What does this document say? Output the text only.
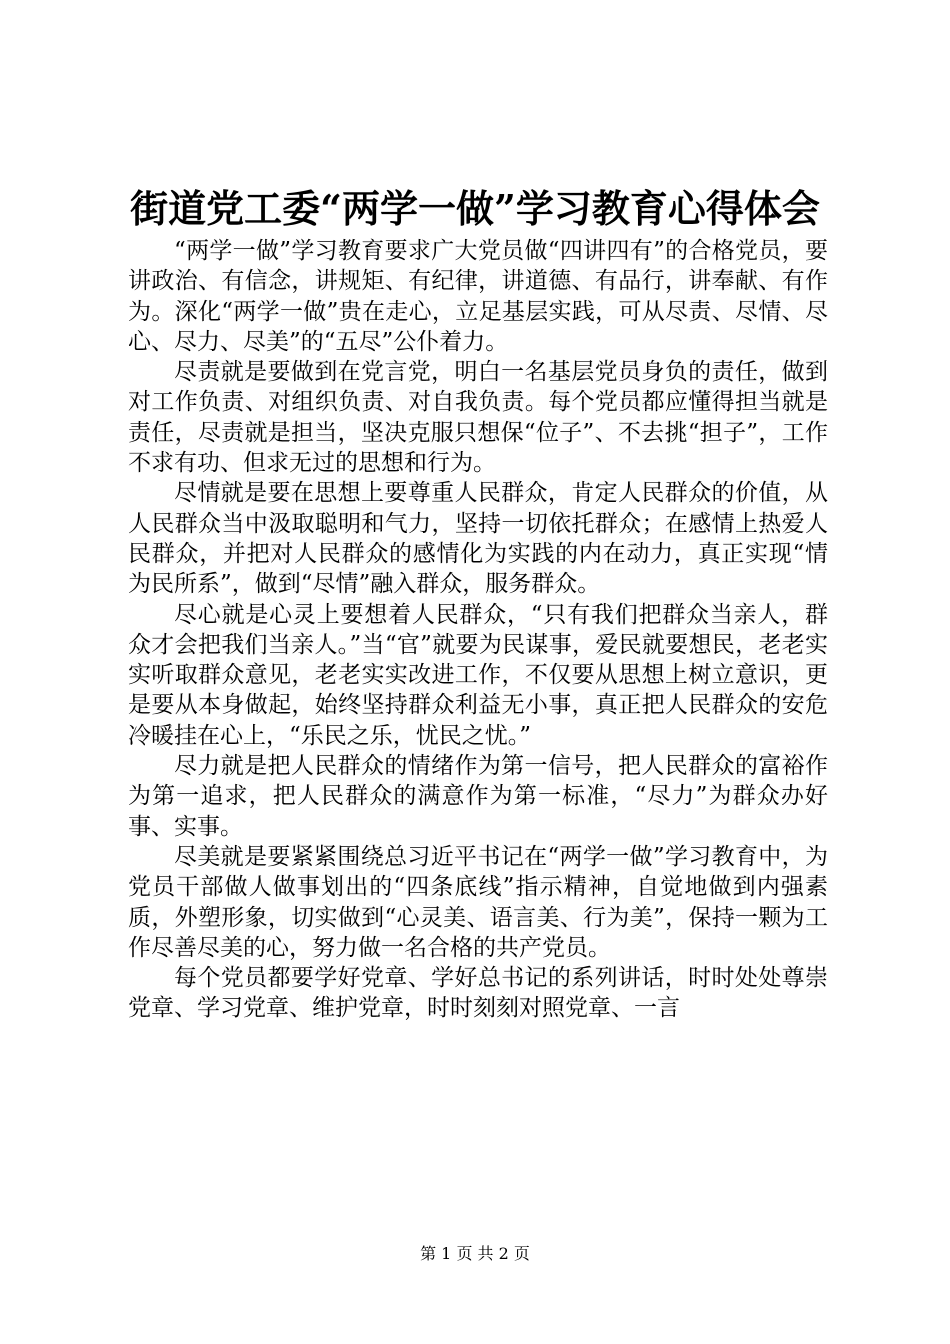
街道党工委“两学一做”学习教育心得体会

“两学一做”学习教育要求广大党员做“四讲四有”的合格党员，要讲政治、有信念，讲规矩、有纪律，讲道德、有品行，讲奉献、有作为。深化“两学一做”贵在走心，立足基层实践，可从尽责、尽情、尽心、尽力、尽美”的“五尽”公仆着力。

尽责就是要做到在党言党，明白一名基层党员身负的责任，做到对工作负责、对组织负责、对自我负责。每个党员都应懂得担当就是责任，尽责就是担当，坚决克服只想保“位子”、不去挑“担子”，工作不求有功、但求无过的思想和行为。

尽情就是要在思想上要尊重人民群众，肯定人民群众的价值，从人民群众当中汲取聪明和气力，坚持一切依托群众；在感情上热爱人民群众，并把对人民群众的感情化为实践的内在动力，真正实现“情为民所系”，做到“尽情”融入群众，服务群众。

尽心就是心灵上要想着人民群众，“只有我们把群众当亲人，群众才会把我们当亲人。”当“官”就要为民谋事，爱民就要想民，老老实实听取群众意见，老老实实改进工作，不仅要从思想上树立意识，更是要从本身做起，始终坚持群众利益无小事，真正把人民群众的安危冷暖挂在心上，“乐民之乐，忧民之忧。”

尽力就是把人民群众的情绪作为第一信号，把人民群众的富裕作为第一追求，把人民群众的满意作为第一标准，“尽力”为群众办好事、实事。

尽美就是要紧紧围绕总习近平书记在“两学一做”学习教育中，为党员干部做人做事划出的“四条底线”指示精神，自觉地做到内强素质，外塑形象，切实做到“心灵美、语言美、行为美”，保持一颗为工作尽善尽美的心，努力做一名合格的共产党员。

每个党员都要学好党章、学好总书记的系列讲话，时时处处尊崇党章、学习党章、维护党章，时时刻刻对照党章、一言

第 1 页 共 2 页
